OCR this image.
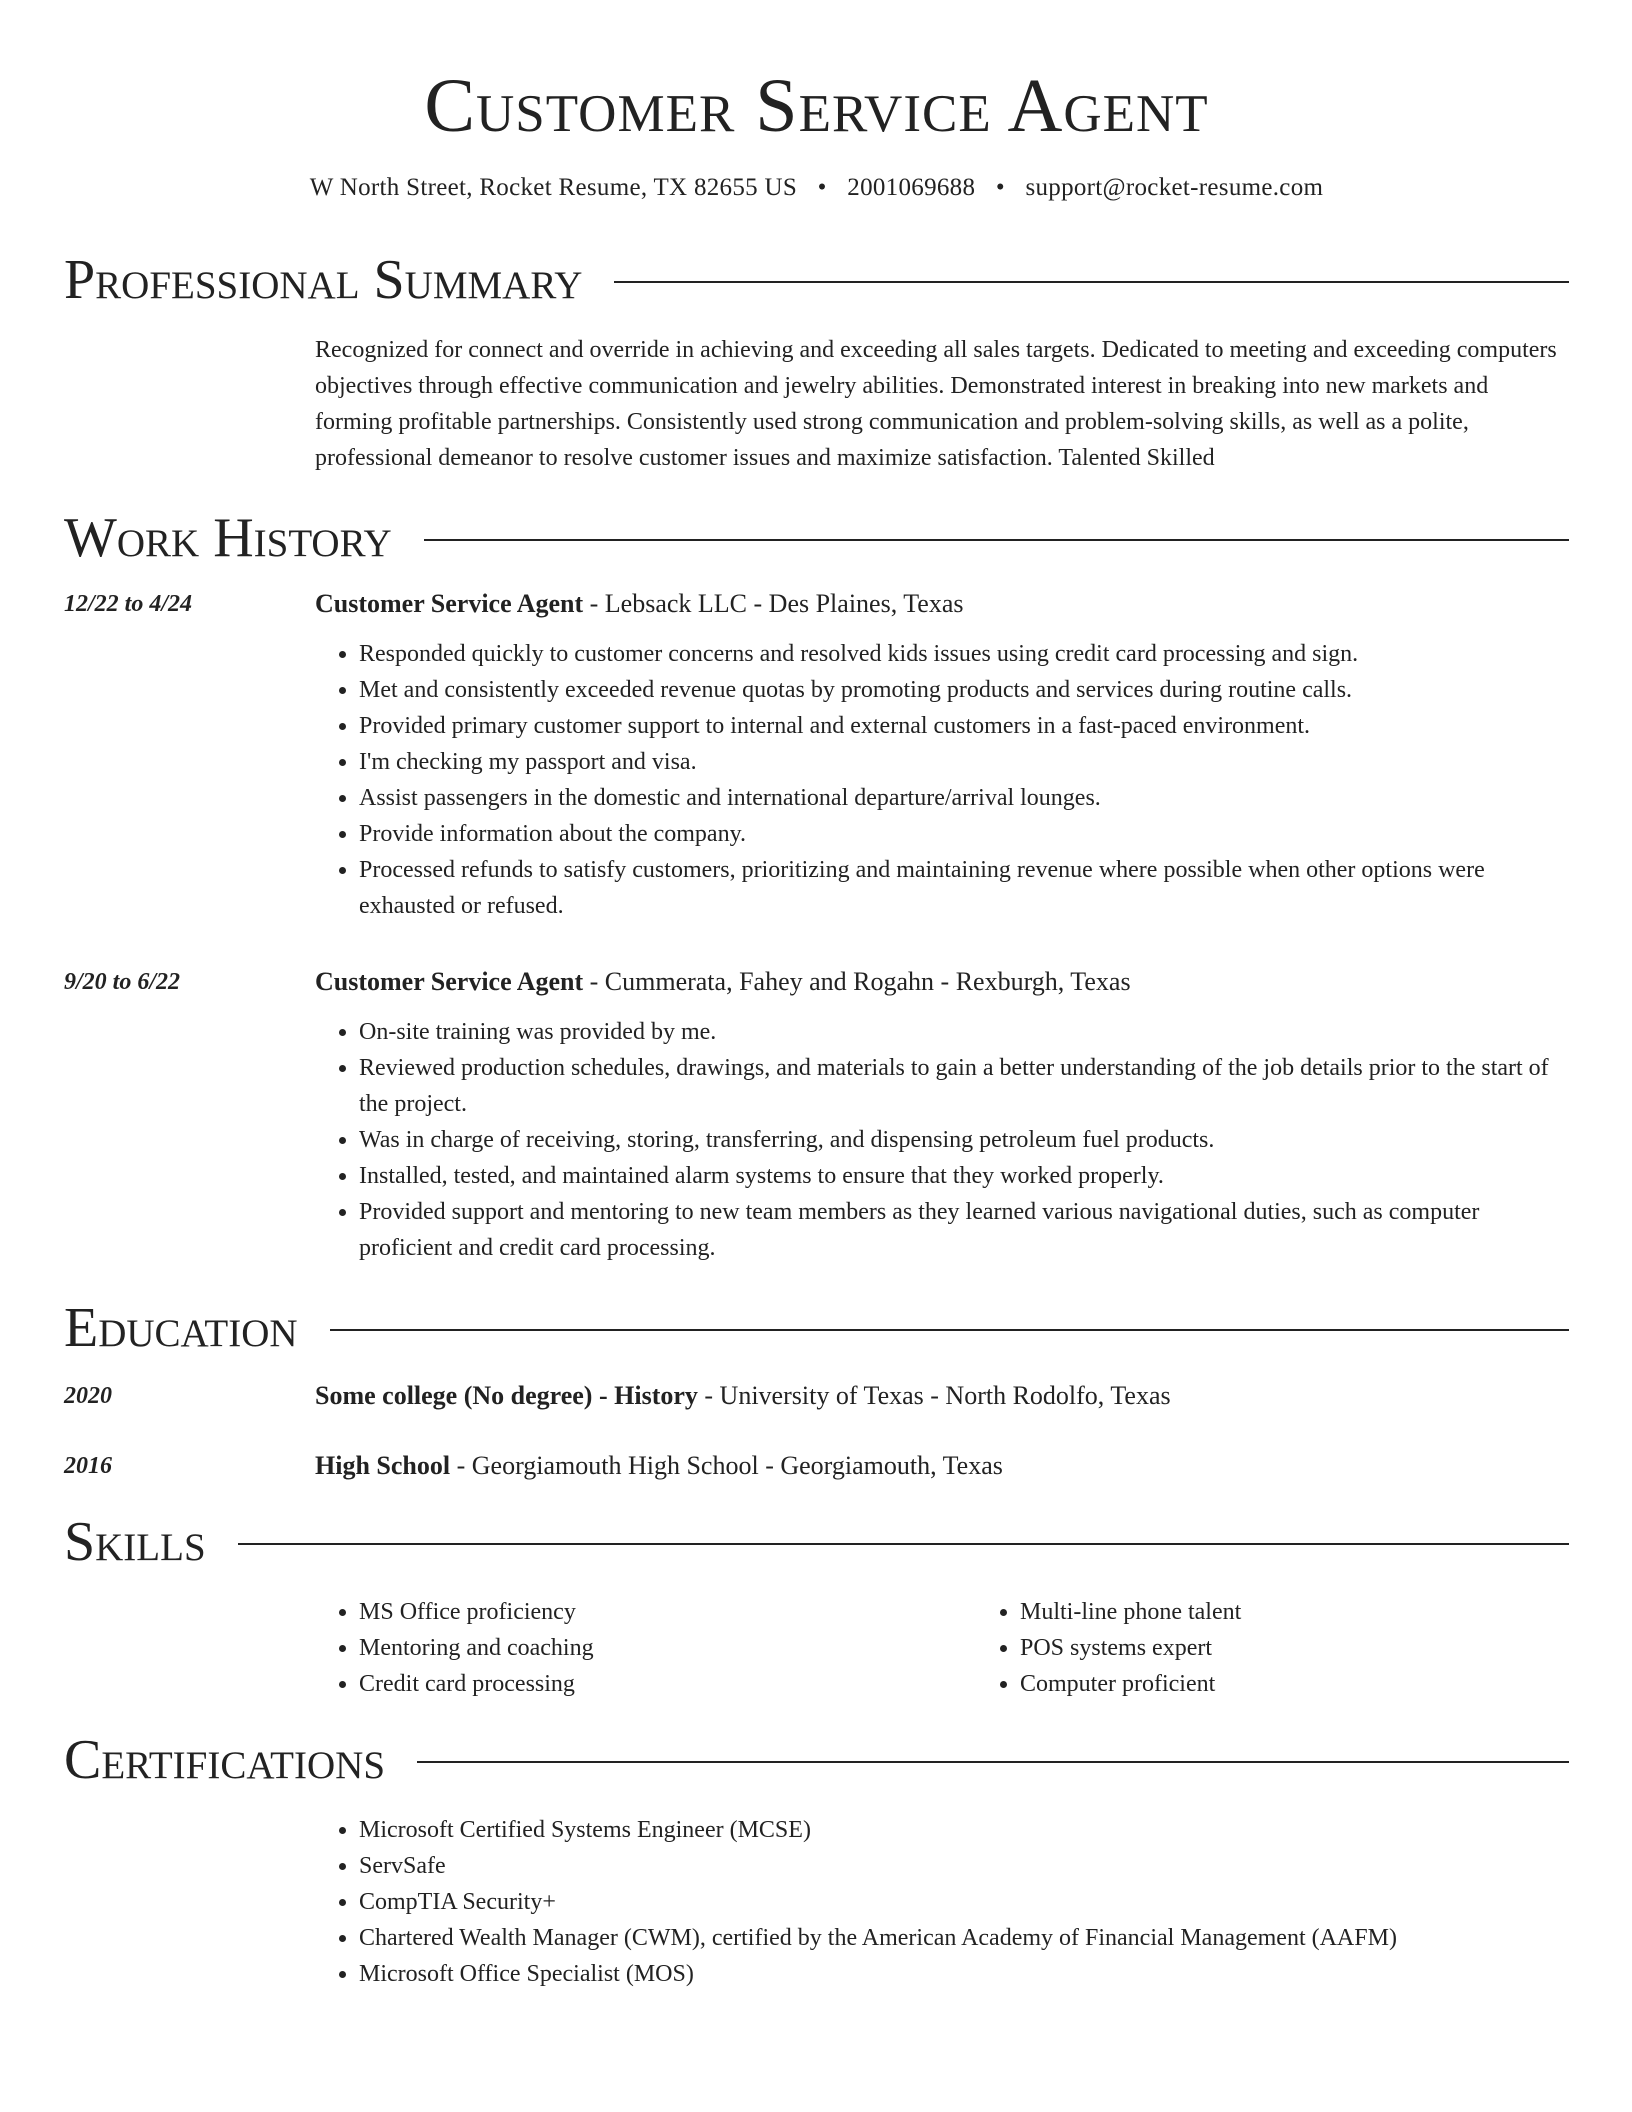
Customer Service Agent
W North Street, Rocket Resume, TX 82655 US • 2001069688 • support@rocket-resume.com
Professional Summary
Recognized for connect and override in achieving and exceeding all sales targets. Dedicated to meeting and exceeding computers objectives through effective communication and jewelry abilities. Demonstrated interest in breaking into new markets and forming profitable partnerships. Consistently used strong communication and problem-solving skills, as well as a polite, professional demeanor to resolve customer issues and maximize satisfaction. Talented Skilled
Work History
12/22 to 4/24	Customer Service Agent - Lebsack LLC - Des Plaines, Texas
• Responded quickly to customer concerns and resolved kids issues using credit card processing and sign.
• Met and consistently exceeded revenue quotas by promoting products and services during routine calls.
• Provided primary customer support to internal and external customers in a fast-paced environment.
• I'm checking my passport and visa.
• Assist passengers in the domestic and international departure/arrival lounges.
• Provide information about the company.
• Processed refunds to satisfy customers, prioritizing and maintaining revenue where possible when other options were exhausted or refused.
9/20 to 6/22	Customer Service Agent - Cummerata, Fahey and Rogahn - Rexburgh, Texas
• On-site training was provided by me.
• Reviewed production schedules, drawings, and materials to gain a better understanding of the job details prior to the start of the project.
• Was in charge of receiving, storing, transferring, and dispensing petroleum fuel products.
• Installed, tested, and maintained alarm systems to ensure that they worked properly.
• Provided support and mentoring to new team members as they learned various navigational duties, such as computer proficient and credit card processing.
Education
2020	Some college (No degree) - History - University of Texas - North Rodolfo, Texas
2016	High School - Georgiamouth High School - Georgiamouth, Texas
Skills
• MS Office proficiency
• Mentoring and coaching
• Credit card processing
• Multi-line phone talent
• POS systems expert
• Computer proficient
Certifications
• Microsoft Certified Systems Engineer (MCSE)
• ServSafe
• CompTIA Security+
• Chartered Wealth Manager (CWM), certified by the American Academy of Financial Management (AAFM)
• Microsoft Office Specialist (MOS)
